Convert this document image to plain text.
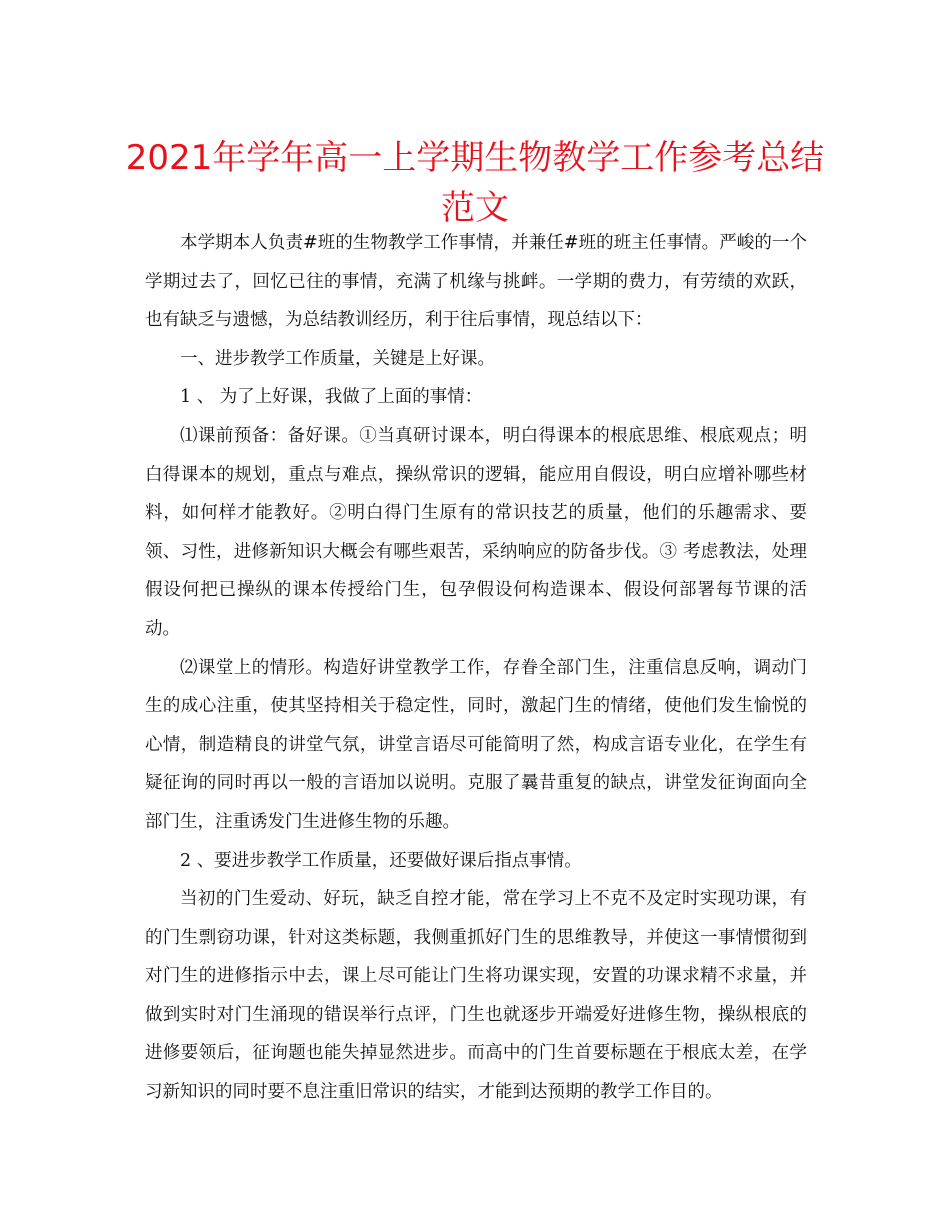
2021年学年高一上学期生物教学工作参考总结
范文

本学期本人负责#班的生物教学工作事情，并兼任#班的班主任事情。严峻的一个学期过去了，回忆已往的事情，充满了机缘与挑衅。一学期的费力，有劳绩的欢跃，也有缺乏与遗憾，为总结教训经历，利于往后事情，现总结以下：

一、进步教学工作质量，关键是上好课。

1 、 为了上好课，我做了上面的事情：

⑴课前预备：备好课。①当真研讨课本，明白得课本的根底思维、根底观点；明白得课本的规划，重点与难点，操纵常识的逻辑，能应用自假设，明白应增补哪些材料，如何样才能教好。②明白得门生原有的常识技艺的质量，他们的乐趣需求、要领、习性，进修新知识大概会有哪些艰苦，采纳响应的防备步伐。③ 考虑教法，处理假设何把已操纵的课本传授给门生，包孕假设何构造课本、假设何部署每节课的活动。

⑵课堂上的情形。构造好讲堂教学工作，存眷全部门生，注重信息反响，调动门生的成心注重，使其坚持相关于稳定性，同时，激起门生的情绪，使他们发生愉悦的心情，制造精良的讲堂气氛，讲堂言语尽可能简明了然，构成言语专业化，在学生有疑征询的同时再以一般的言语加以说明。克服了曩昔重复的缺点，讲堂发征询面向全部门生，注重诱发门生进修生物的乐趣。

2 、要进步教学工作质量，还要做好课后指点事情。

当初的门生爱动、好玩，缺乏自控才能，常在学习上不克不及定时实现功课，有的门生剽窃功课，针对这类标题，我侧重抓好门生的思维教导，并使这一事情惯彻到对门生的进修指示中去，课上尽可能让门生将功课实现，安置的功课求精不求量，并做到实时对门生涌现的错误举行点评，门生也就逐步开端爱好进修生物，操纵根底的进修要领后，征询题也能失掉显然进步。而高中的门生首要标题在于根底太差，在学习新知识的同时要不息注重旧常识的结实，才能到达预期的教学工作目的。
